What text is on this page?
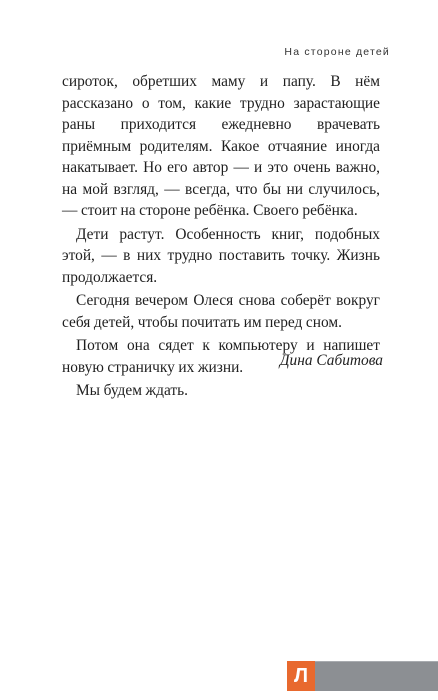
На стороне детей

сироток, обретших маму и папу. В нём рассказано о том, какие трудно зарастающие раны приходится ежедневно врачевать приёмным родителям. Какое отчаяние иногда накатывает. Но его автор — и это очень важно, на мой взгляд, — всегда, что бы ни случилось, — стоит на стороне ребёнка. Своего ребёнка.

Дети растут. Особенность книг, подобных этой, — в них трудно поставить точку. Жизнь продолжается.

Сегодня вечером Олеся снова соберёт вокруг себя детей, чтобы почитать им перед сном.

Потом она сядет к компьютеру и напишет новую страничку их жизни.

Мы будем ждать.

Дина Сабитова
Л
